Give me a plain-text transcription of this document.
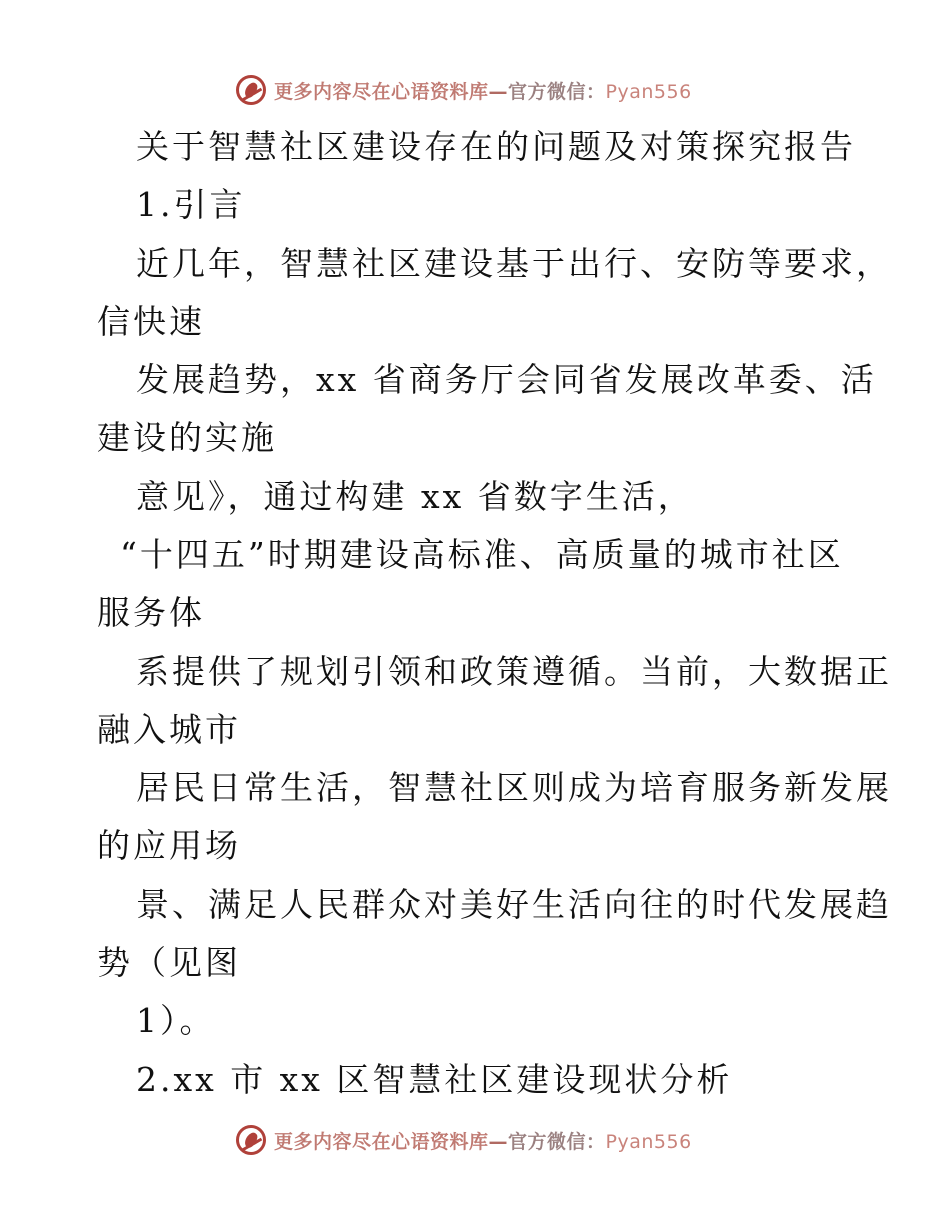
更多内容尽在心语资料库—官方微信：Pyan556
关于智慧社区建设存在的问题及对策探究报告
1.引言
近几年，智慧社区建设基于出行、安防等要求，
信快速
发展趋势，xx 省商务厅会同省发展改革委、活
建设的实施
意见》，通过构建 xx 省数字生活，
“十四五”时期建设高标准、高质量的城市社区
服务体
系提供了规划引领和政策遵循。当前，大数据正
融入城市
居民日常生活，智慧社区则成为培育服务新发展
的应用场
景、满足人民群众对美好生活向往的时代发展趋
势（见图
1）。
2.xx 市 xx 区智慧社区建设现状分析
更多内容尽在心语资料库—官方微信：Pyan556
